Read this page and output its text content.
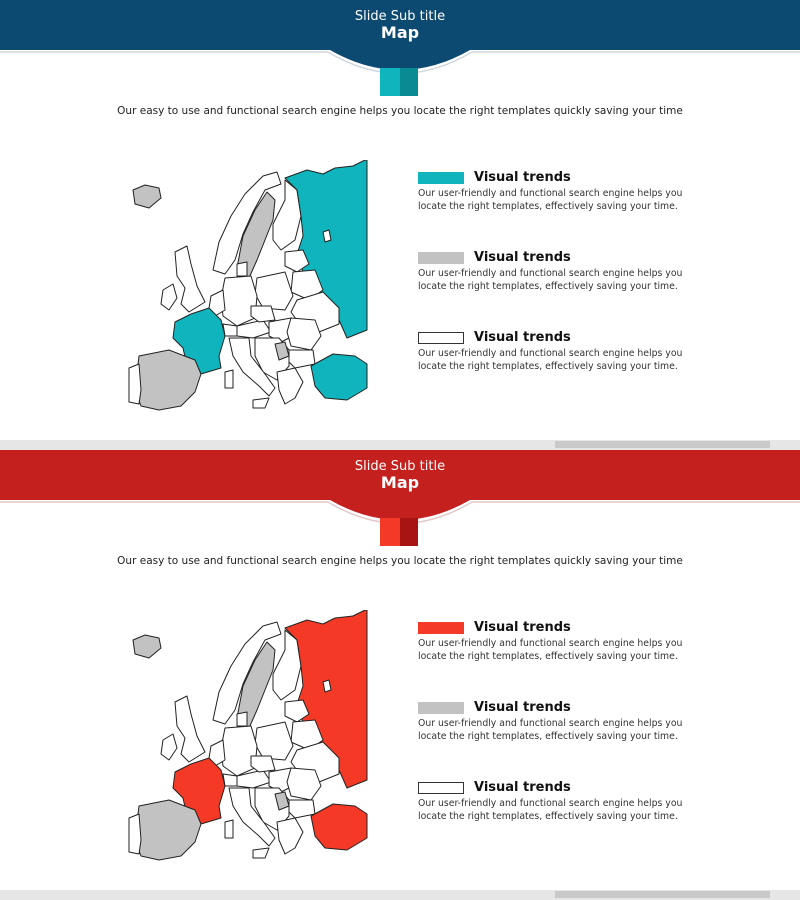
Slide Sub title
Map
Our easy to use and functional search engine helps you locate the right templates quickly saving your time
Visual trends
Our user-friendly and functional search engine helps you locate the right templates, effectively saving your time.
Visual trends
Our user-friendly and functional search engine helps you locate the right templates, effectively saving your time.
Visual trends
Our user-friendly and functional search engine helps you locate the right templates, effectively saving your time.
Slide Sub title
Map
Our easy to use and functional search engine helps you locate the right templates quickly saving your time
Visual trends
Our user-friendly and functional search engine helps you locate the right templates, effectively saving your time.
Visual trends
Our user-friendly and functional search engine helps you locate the right templates, effectively saving your time.
Visual trends
Our user-friendly and functional search engine helps you locate the right templates, effectively saving your time.
